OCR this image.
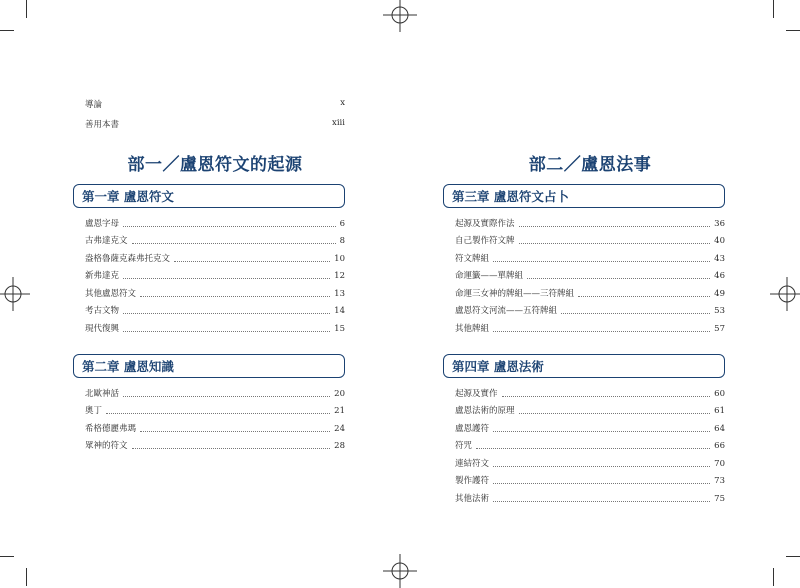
導論	x
善用本書	xiii
部一／盧恩符文的起源
第一章 盧恩符文
盧恩字母	6
古弗達克文	8
盎格魯薩克森弗托克文	10
新弗達克	12
其他盧恩符文	13
考古文物	14
現代復興	15
第二章 盧恩知識
北歐神話	20
奧丁	21
希格德麗弗瑪	24
眾神的符文	28
部二／盧恩法事
第三章 盧恩符文占卜
起源及實際作法	36
自己製作符文牌	40
符文牌組	43
命運籤——單牌組	46
命運三女神的牌組——三符牌組	49
盧恩符文河流——五符牌組	53
其他牌組	57
第四章 盧恩法術
起源及實作	60
盧恩法術的原理	61
盧恩護符	64
符咒	66
連結符文	70
製作護符	73
其他法術	75
